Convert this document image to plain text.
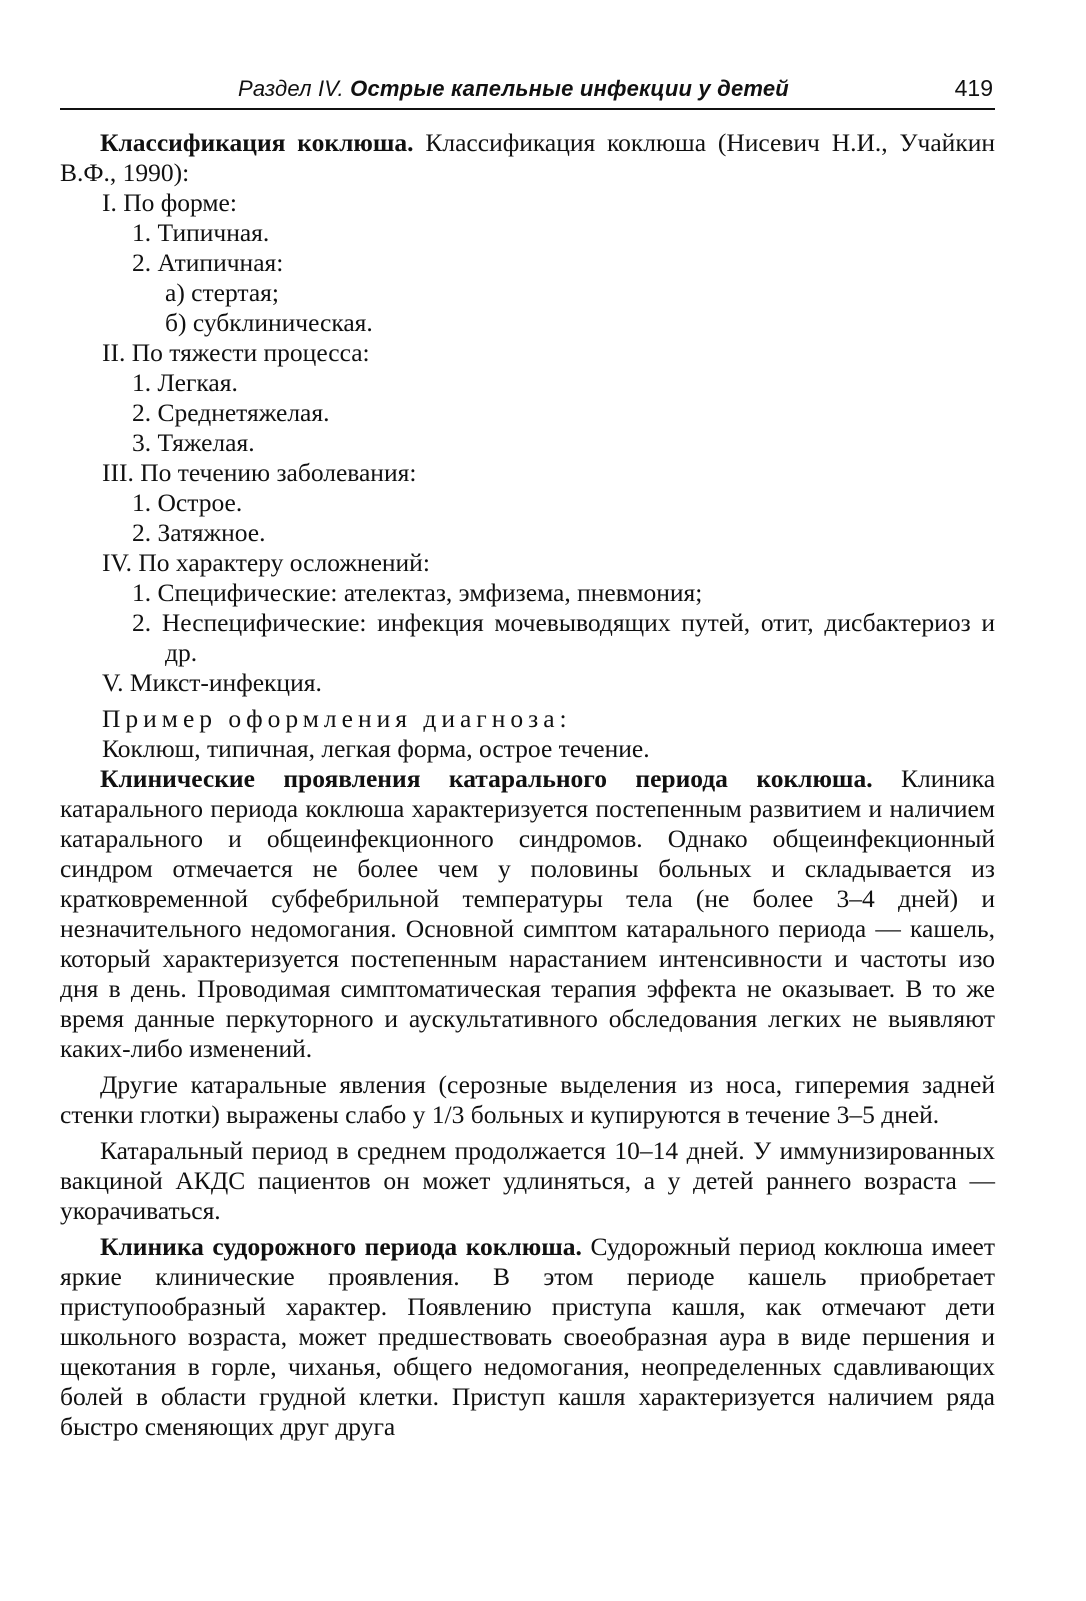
Раздел IV. Острые капельные инфекции у детей	419

Классификация коклюша. Классификация коклюша (Нисевич Н.И., Учайкин В.Ф., 1990):

I. По форме:
1. Типичная.
2. Атипичная:
а) стертая;
б) субклиническая.
II. По тяжести процесса:
1. Легкая.
2. Среднетяжелая.
3. Тяжелая.
III. По течению заболевания:
1. Острое.
2. Затяжное.
IV. По характеру осложнений:
1. Специфические: ателектаз, эмфизема, пневмония;
2. Неспецифические: инфекция мочевыводящих путей, отит, дисбактериоз и др.
V. Микст-инфекция.
Пример оформления диагноза:
Коклюш, типичная, легкая форма, острое течение.

Клинические проявления катарального периода коклюша. Клиника катарального периода коклюша характеризуется постепенным развитием и наличием катарального и общеинфекционного синдромов. Однако общеинфекционный синдром отмечается не более чем у половины больных и складывается из кратковременной субфебрильной температуры тела (не более 3–4 дней) и незначительного недомогания. Основной симптом катарального периода — кашель, который характеризуется постепенным нарастанием интенсивности и частоты изо дня в день. Проводимая симптоматическая терапия эффекта не оказывает. В то же время данные перкуторного и аускультативного обследования легких не выявляют каких-либо изменений.

Другие катаральные явления (серозные выделения из носа, гиперемия задней стенки глотки) выражены слабо у 1/3 больных и купируются в течение 3–5 дней.

Катаральный период в среднем продолжается 10–14 дней. У иммунизированных вакциной АКДС пациентов он может удлиняться, а у детей раннего возраста — укорачиваться.

Клиника судорожного периода коклюша. Судорожный период коклюша имеет яркие клинические проявления. В этом периоде кашель приобретает приступообразный характер. Появлению приступа кашля, как отмечают дети школьного возраста, может предшествовать своеобразная аура в виде першения и щекотания в горле, чиханья, общего недомогания, неопределенных сдавливающих болей в области грудной клетки. Приступ кашля характеризуется наличием ряда быстро сменяющих друг друга
